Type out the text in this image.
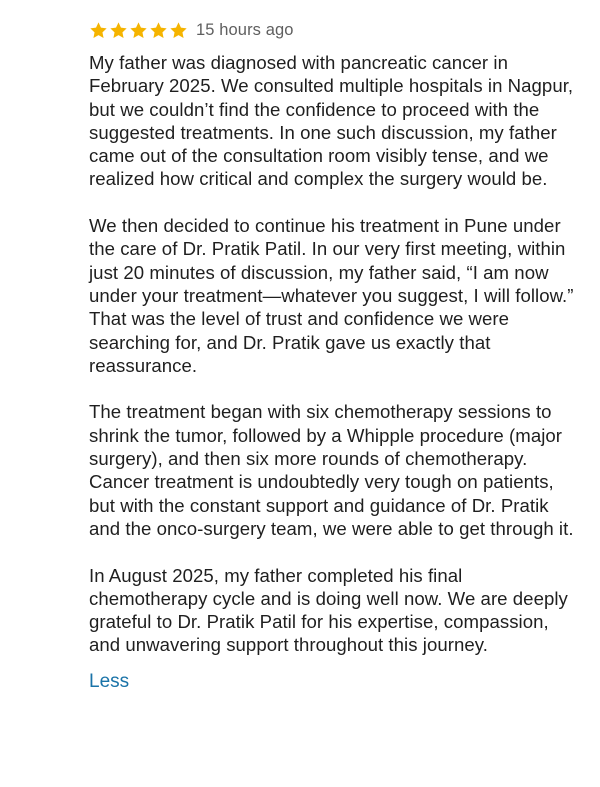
15 hours ago

My father was diagnosed with pancreatic cancer in February 2025. We consulted multiple hospitals in Nagpur, but we couldn’t find the confidence to proceed with the suggested treatments. In one such discussion, my father came out of the consultation room visibly tense, and we realized how critical and complex the surgery would be.

We then decided to continue his treatment in Pune under the care of Dr. Pratik Patil. In our very first meeting, within just 20 minutes of discussion, my father said, “I am now under your treatment—whatever you suggest, I will follow.” That was the level of trust and confidence we were searching for, and Dr. Pratik gave us exactly that reassurance.

The treatment began with six chemotherapy sessions to shrink the tumor, followed by a Whipple procedure (major surgery), and then six more rounds of chemotherapy. Cancer treatment is undoubtedly very tough on patients, but with the constant support and guidance of Dr. Pratik and the onco-surgery team, we were able to get through it.

In August 2025, my father completed his final chemotherapy cycle and is doing well now. We are deeply grateful to Dr. Pratik Patil for his expertise, compassion, and unwavering support throughout this journey.

Less
